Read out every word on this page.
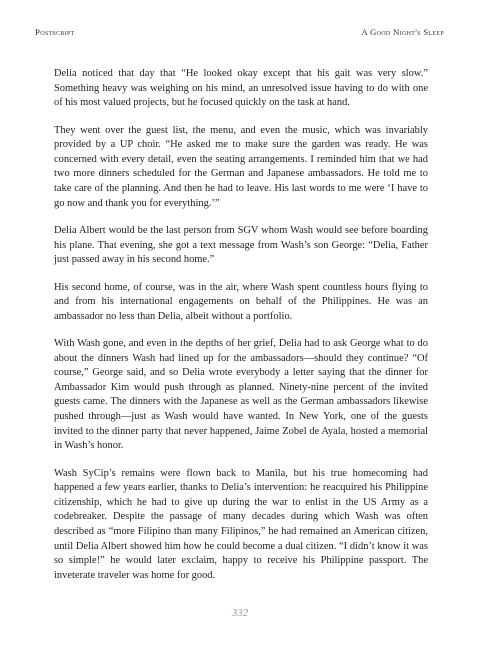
Postscript	A Good Night's Sleep

Delia noticed that day that “He looked okay except that his gait was very slow.” Something heavy was weighing on his mind, an unresolved issue having to do with one of his most valued projects, but he focused quickly on the task at hand.

They went over the guest list, the menu, and even the music, which was invariably provided by a UP choir. “He asked me to make sure the garden was ready. He was concerned with every detail, even the seating arrangements. I reminded him that we had two more dinners scheduled for the German and Japanese ambassadors. He told me to take care of the planning. And then he had to leave. His last words to me were ‘I have to go now and thank you for everything.’”

Delia Albert would be the last person from SGV whom Wash would see before boarding his plane. That evening, she got a text message from Wash’s son George: “Delia, Father just passed away in his second home.”

His second home, of course, was in the air, where Wash spent countless hours flying to and from his international engagements on behalf of the Philippines. He was an ambassador no less than Delia, albeit without a portfolio.

With Wash gone, and even in the depths of her grief, Delia had to ask George what to do about the dinners Wash had lined up for the ambassadors—should they continue? “Of course,” George said, and so Delia wrote everybody a letter saying that the dinner for Ambassador Kim would push through as planned. Ninety-nine percent of the invited guests came. The dinners with the Japanese as well as the German ambassadors likewise pushed through—just as Wash would have wanted. In New York, one of the guests invited to the dinner party that never happened, Jaime Zobel de Ayala, hosted a memorial in Wash’s honor.

Wash SyCip’s remains were flown back to Manila, but his true homecoming had happened a few years earlier, thanks to Delia’s intervention: he reacquired his Philippine citizenship, which he had to give up during the war to enlist in the US Army as a codebreaker. Despite the passage of many decades during which Wash was often described as “more Filipino than many Filipinos,” he had remained an American citizen, until Delia Albert showed him how he could become a dual citizen. “I didn’t know it was so simple!” he would later exclaim, happy to receive his Philippine passport. The inveterate traveler was home for good.

332
